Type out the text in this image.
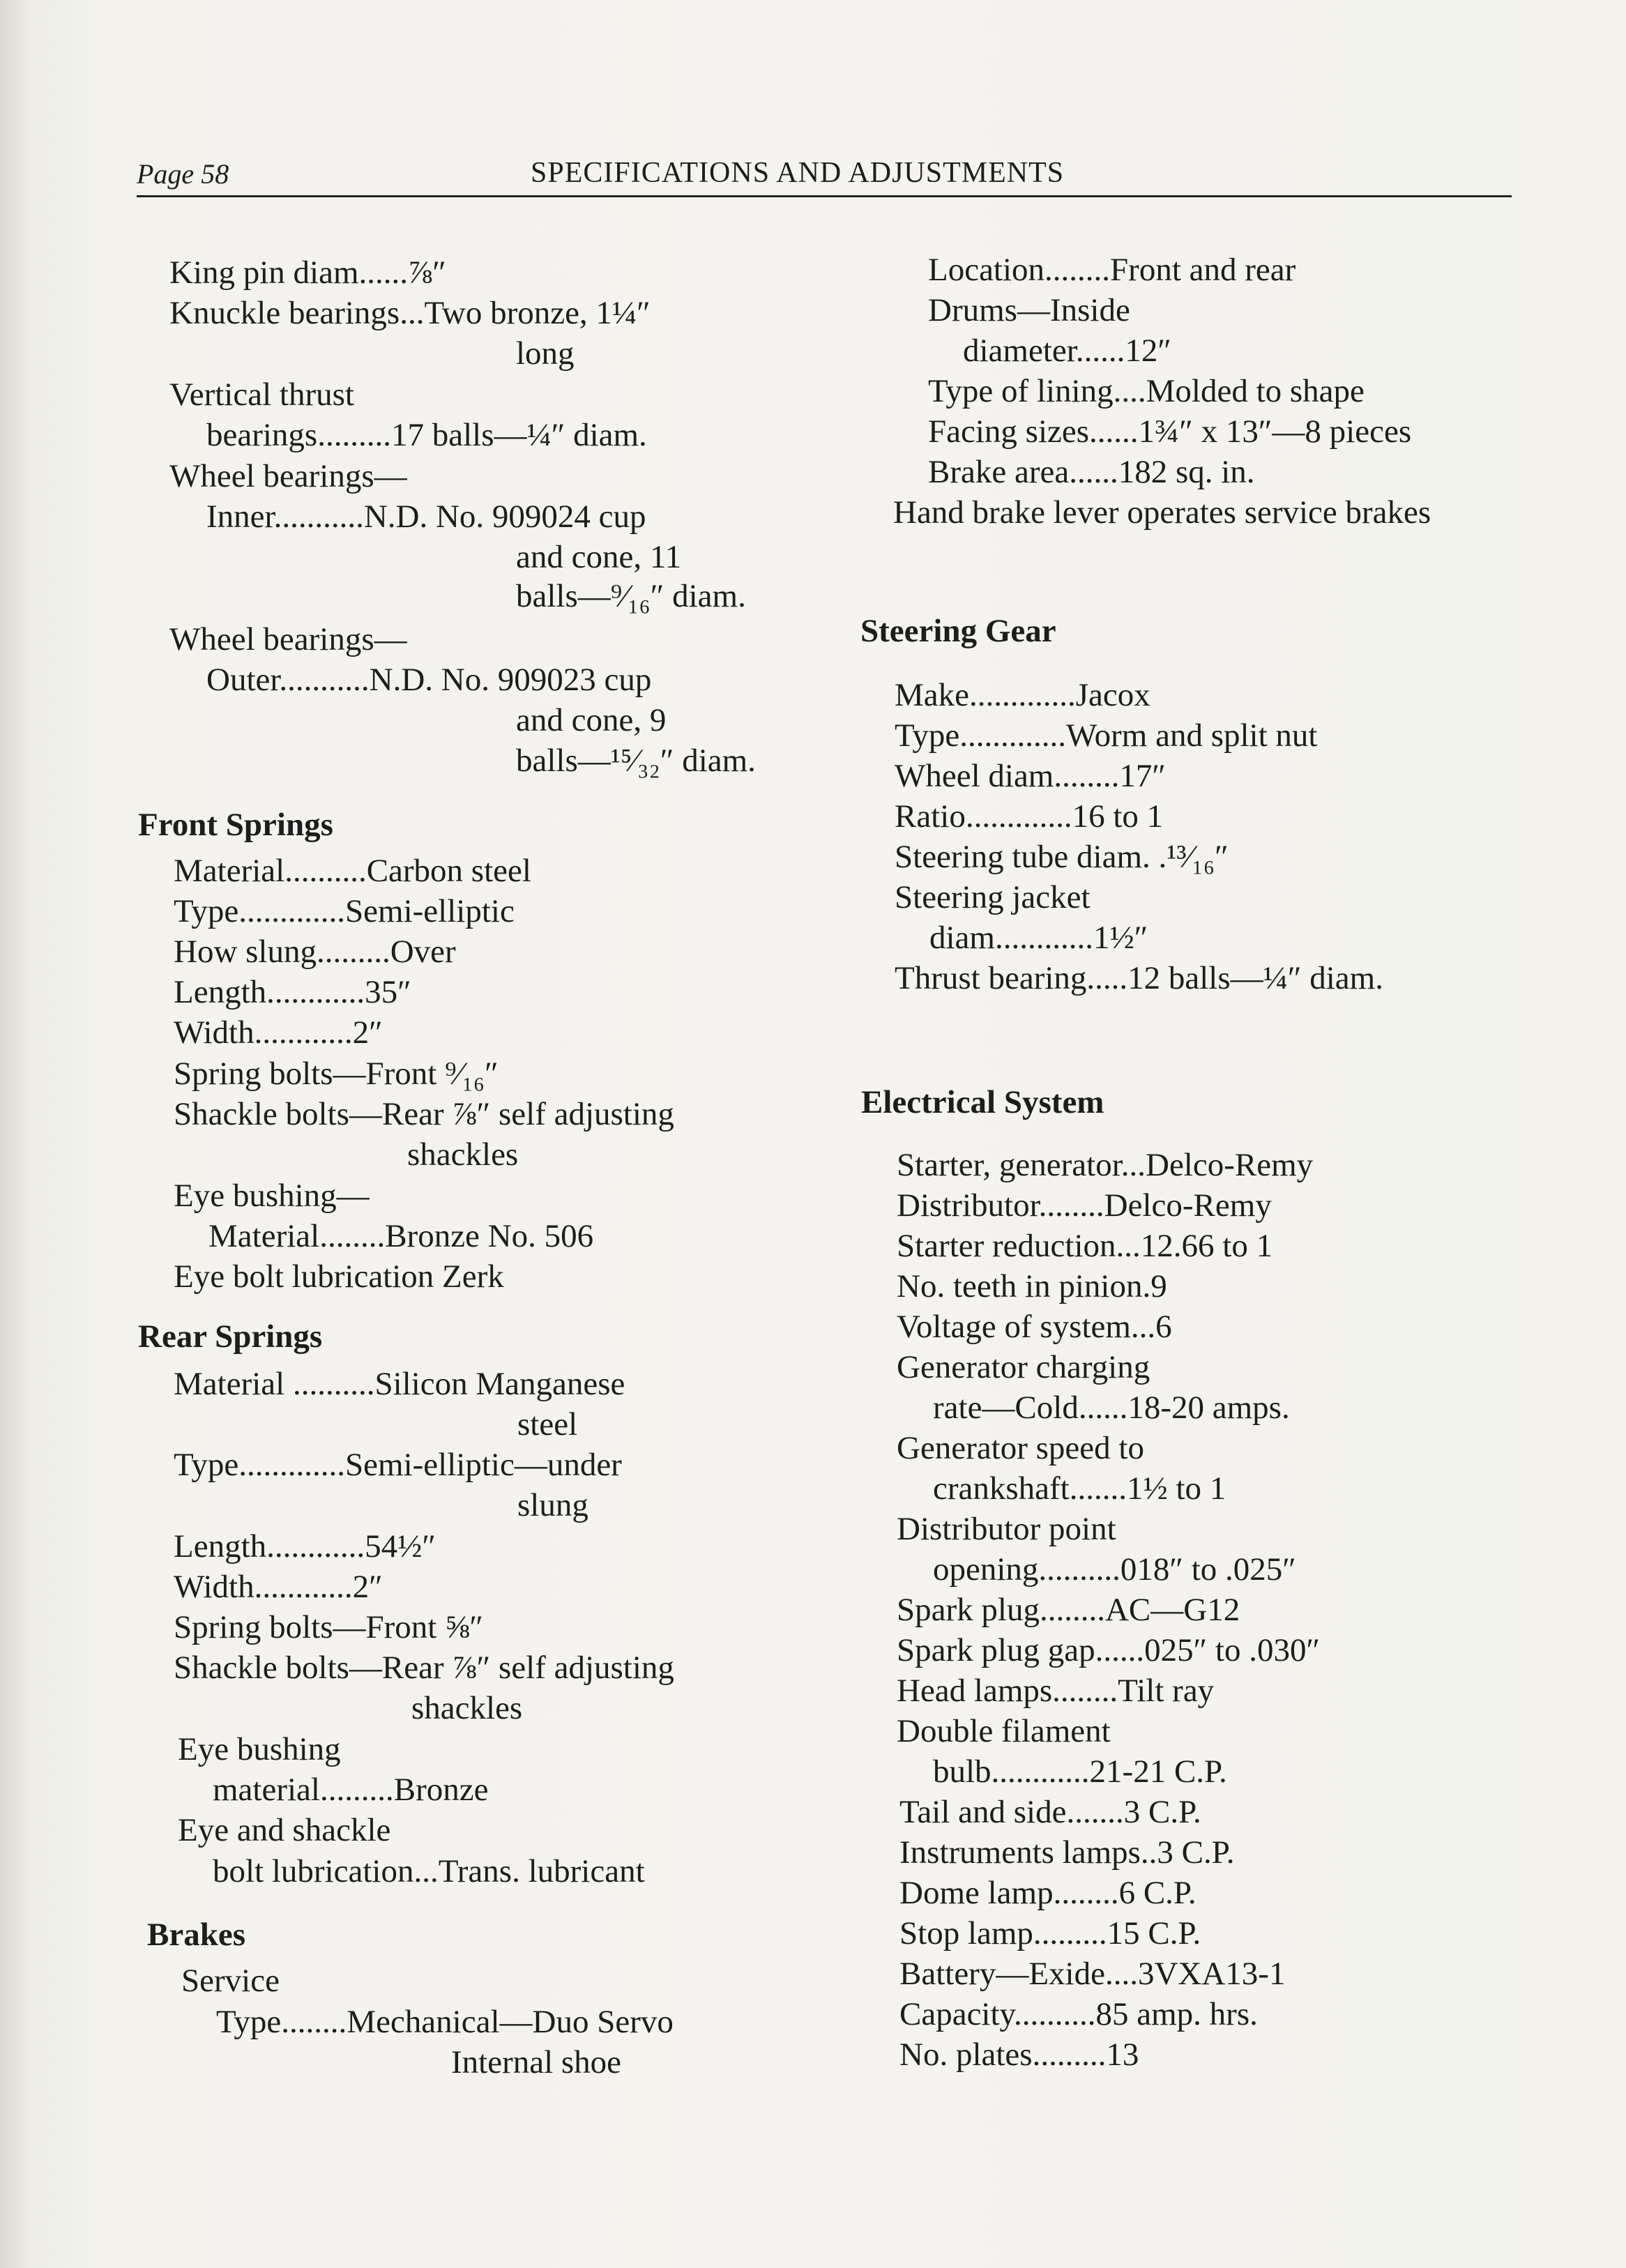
Page 58	SPECIFICATIONS AND ADJUSTMENTS
King pin diam......⅞″
Knuckle bearings...Two bronze, 1¼″
long
Vertical thrust
bearings.........17 balls—¼″ diam.
Wheel bearings—
Inner...........N.D. No. 909024 cup
and cone, 11
balls—⁹⁄₁₆″ diam.
Wheel bearings—
Outer...........N.D. No. 909023 cup
and cone, 9
balls—¹⁵⁄₃₂″ diam.
Front Springs
Material..........Carbon steel
Type.............Semi-elliptic
How slung.........Over
Length............35″
Width............2″
Spring bolts—Front ⁹⁄₁₆″
Shackle bolts—Rear ⅞″ self adjusting
shackles
Eye bushing—
Material........Bronze No. 506
Eye bolt lubrication Zerk
Rear Springs
Material ..........Silicon Manganese
steel
Type.............Semi-elliptic—under
slung
Length............54½″
Width............2″
Spring bolts—Front ⅝″
Shackle bolts—Rear ⅞″ self adjusting
shackles
Eye bushing
material.........Bronze
Eye and shackle
bolt lubrication...Trans. lubricant
Brakes
Service
Type........Mechanical—Duo Servo
Internal shoe
Location........Front and rear
Drums—Inside
diameter......12″
Type of lining....Molded to shape
Facing sizes......1¾″ x 13″—8 pieces
Brake area......182 sq. in.
Hand brake lever operates service brakes
Steering Gear
Make.............Jacox
Type.............Worm and split nut
Wheel diam........17″
Ratio.............16 to 1
Steering tube diam. .¹³⁄₁₆″
Steering jacket
diam............1½″
Thrust bearing.....12 balls—¼″ diam.
Electrical System
Starter, generator...Delco-Remy
Distributor........Delco-Remy
Starter reduction...12.66 to 1
No. teeth in pinion.9
Voltage of system...6
Generator charging
rate—Cold......18-20 amps.
Generator speed to
crankshaft.......1½ to 1
Distributor point
opening..........018″ to .025″
Spark plug........AC—G12
Spark plug gap......025″ to .030″
Head lamps........Tilt ray
Double filament
bulb............21-21 C.P.
Tail and side.......3 C.P.
Instruments lamps..3 C.P.
Dome lamp........6 C.P.
Stop lamp.........15 C.P.
Battery—Exide....3VXA13-1
Capacity..........85 amp. hrs.
No. plates.........13
